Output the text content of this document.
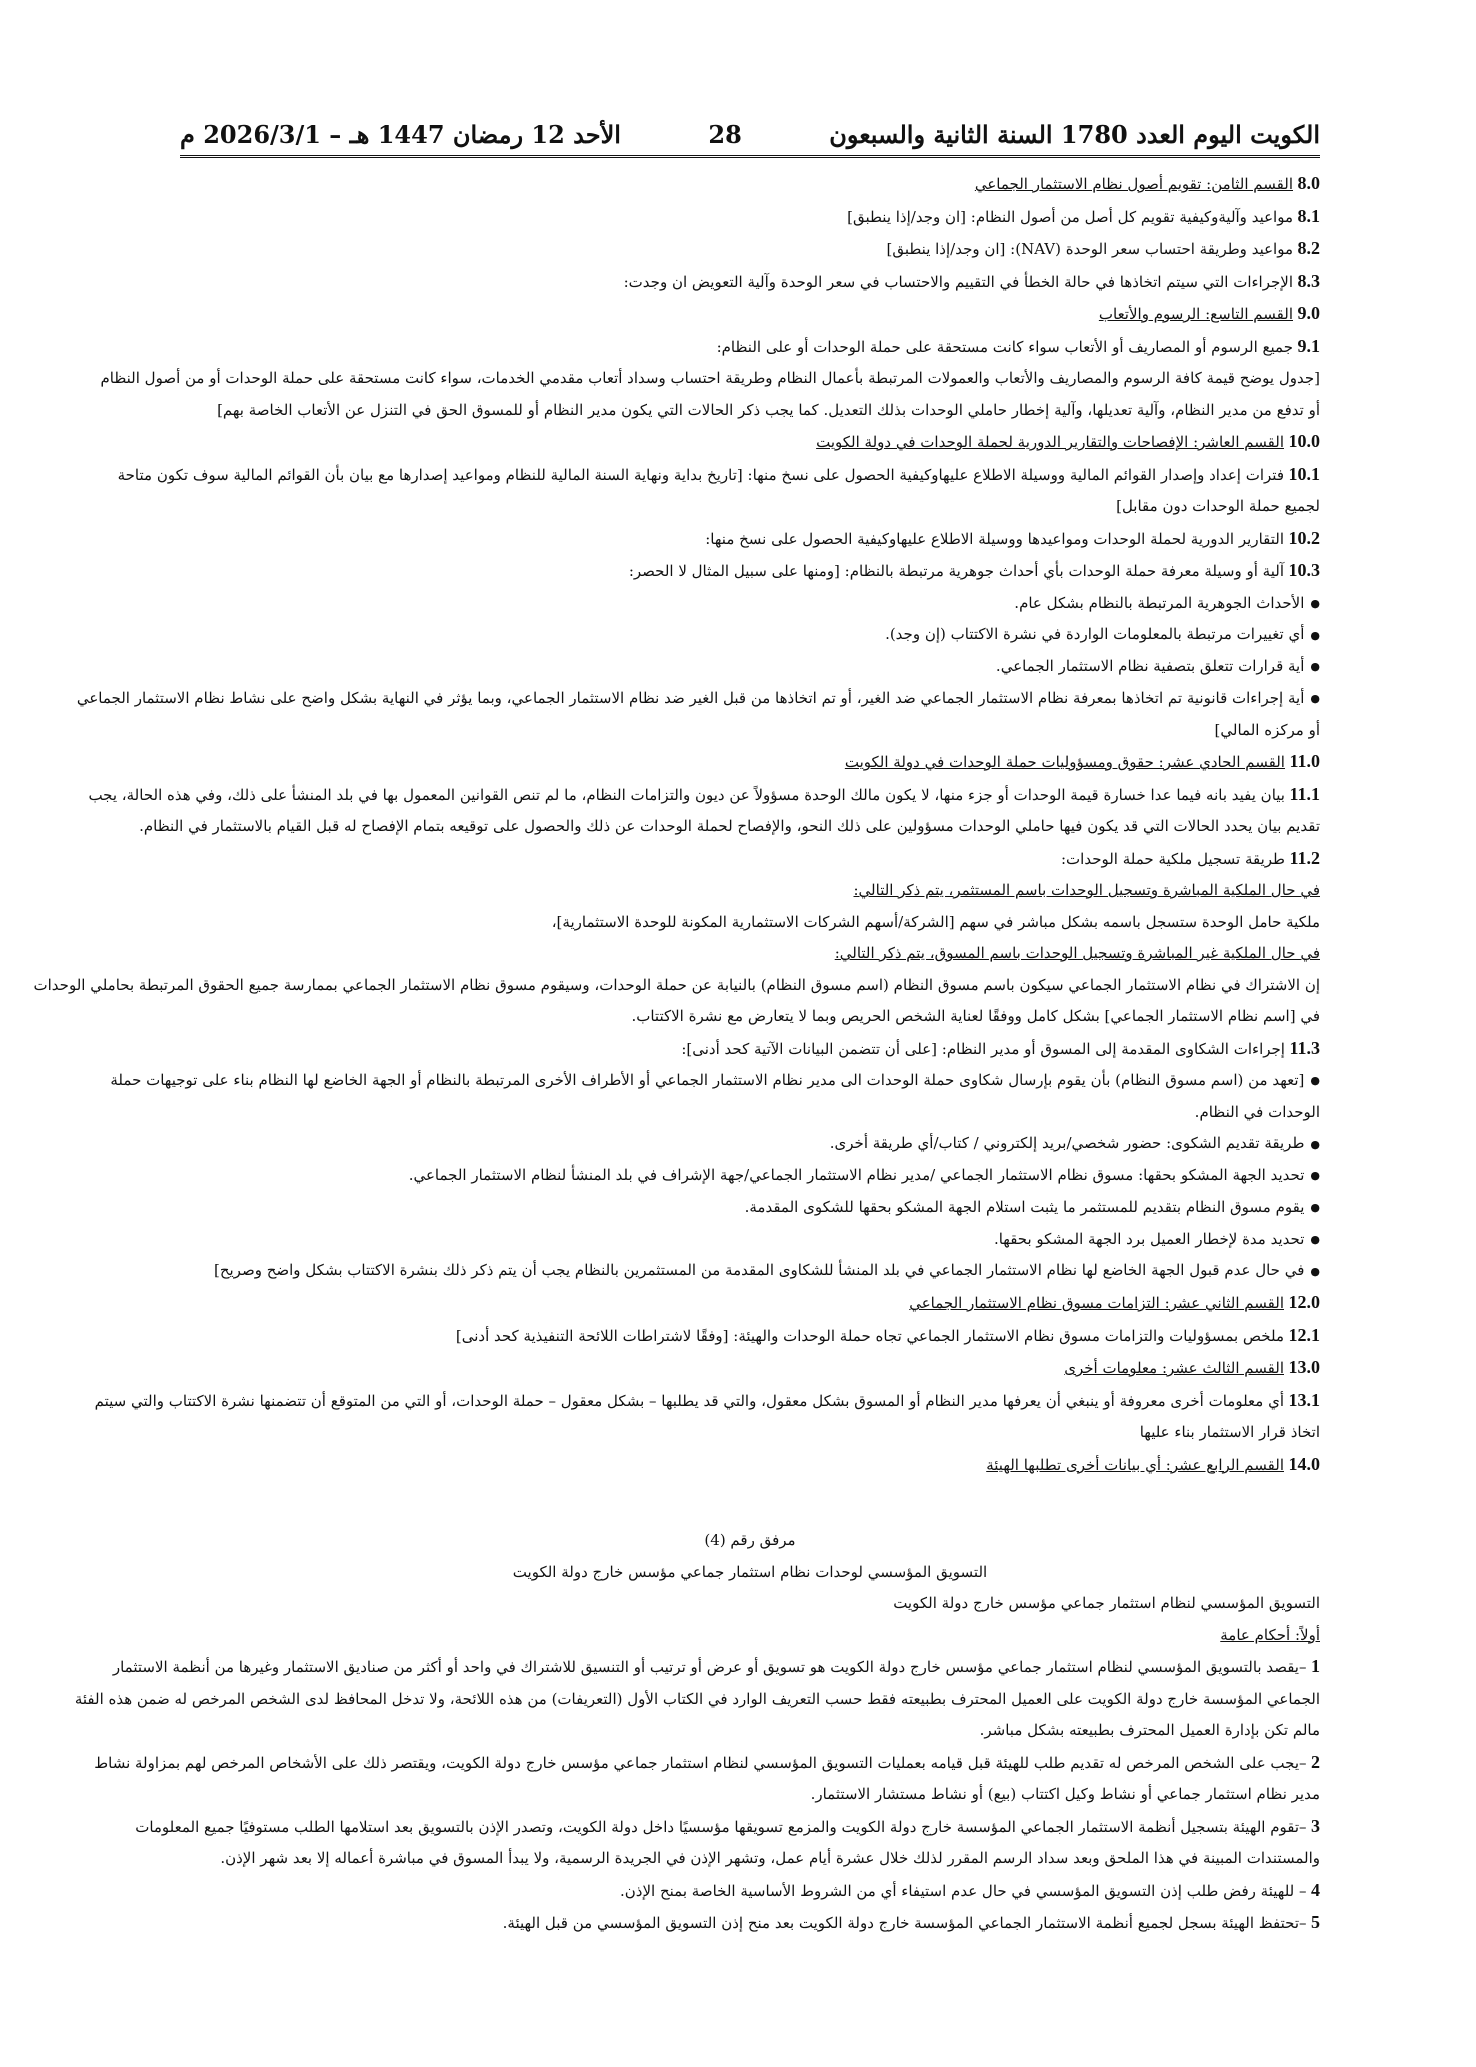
الكويت اليوم العدد 1780 السنة الثانية والسبعون
28
الأحد 12 رمضان 1447 هـ – 2026/3/1 م

8.0 القسم الثامن: تقويم أصول نظام الاستثمار الجماعي

8.1 مواعيد وآليةوكيفية تقويم كل أصل من أصول النظام: [ان وجد/إذا ينطبق]

8.2 مواعيد وطريقة احتساب سعر الوحدة (NAV): [ان وجد/إذا ينطبق]

8.3 الإجراءات التي سيتم اتخاذها في حالة الخطأ في التقييم والاحتساب في سعر الوحدة وآلية التعويض ان وجدت:

9.0 القسم التاسع: الرسوم والأتعاب

9.1 جميع الرسوم أو المصاريف أو الأتعاب سواء كانت مستحقة على حملة الوحدات أو على النظام:

[جدول يوضح قيمة كافة الرسوم والمصاريف والأتعاب والعمولات المرتبطة بأعمال النظام وطريقة احتساب وسداد أتعاب مقدمي الخدمات، سواء كانت مستحقة على حملة الوحدات أو من أصول النظام

أو تدفع من مدير النظام، وآلية تعديلها، وآلية إخطار حاملي الوحدات بذلك التعديل. كما يجب ذكر الحالات التي يكون مدير النظام أو للمسوق الحق في التنزل عن الأتعاب الخاصة بهم]

10.0 القسم العاشر: الإفصاحات والتقارير الدورية لحملة الوحدات في دولة الكويت

10.1 فترات إعداد وإصدار القوائم المالية ووسيلة الاطلاع عليهاوكيفية الحصول على نسخ منها: [تاريخ بداية ونهاية السنة المالية للنظام ومواعيد إصدارها مع بيان بأن القوائم المالية سوف تكون متاحة

لجميع حملة الوحدات دون مقابل]

10.2 التقارير الدورية لحملة الوحدات ومواعيدها ووسيلة الاطلاع عليهاوكيفية الحصول على نسخ منها:

10.3 آلية أو وسيلة معرفة حملة الوحدات بأي أحداث جوهرية مرتبطة بالنظام: [ومنها على سبيل المثال لا الحصر:

● الأحداث الجوهرية المرتبطة بالنظام بشكل عام.

● أي تغييرات مرتبطة بالمعلومات الواردة في نشرة الاكتتاب (إن وجد).

● أية قرارات تتعلق بتصفية نظام الاستثمار الجماعي.

● أية إجراءات قانونية تم اتخاذها بمعرفة نظام الاستثمار الجماعي ضد الغير، أو تم اتخاذها من قبل الغير ضد نظام الاستثمار الجماعي، وبما يؤثر في النهاية بشكل واضح على نشاط نظام الاستثمار الجماعي

أو مركزه المالي]

11.0 القسم الحادي عشر: حقوق ومسؤوليات حملة الوحدات في دولة الكويت

11.1 بيان يفيد بانه فيما عدا خسارة قيمة الوحدات أو جزء منها، لا يكون مالك الوحدة مسؤولاً عن ديون والتزامات النظام، ما لم تنص القوانين المعمول بها في بلد المنشأ على ذلك، وفي هذه الحالة، يجب

تقديم بيان يحدد الحالات التي قد يكون فيها حاملي الوحدات مسؤولين على ذلك النحو، والإفصاح لحملة الوحدات عن ذلك والحصول على توقيعه بتمام الإفصاح له قبل القيام بالاستثمار في النظام.

11.2 طريقة تسجيل ملكية حملة الوحدات:

في حال الملكية المباشرة وتسجيل الوحدات باسم المستثمر، يتم ذكر التالي:

ملكية حامل الوحدة ستسجل باسمه بشكل مباشر في سهم [الشركة/أسهم الشركات الاستثمارية المكونة للوحدة الاستثمارية]،

في حال الملكية غير المباشرة وتسجيل الوحدات باسم المسوق، يتم ذكر التالي:

إن الاشتراك في نظام الاستثمار الجماعي سيكون باسم مسوق النظام (اسم مسوق النظام) بالنيابة عن حملة الوحدات، وسيقوم مسوق نظام الاستثمار الجماعي بممارسة جميع الحقوق المرتبطة بحاملي الوحدات

في [اسم نظام الاستثمار الجماعي] بشكل كامل ووفقًا لعناية الشخص الحريص وبما لا يتعارض مع نشرة الاكتتاب.

11.3 إجراءات الشكاوى المقدمة إلى المسوق أو مدير النظام: [على أن تتضمن البيانات الآتية كحد أدنى]:

● [تعهد من (اسم مسوق النظام) بأن يقوم بإرسال شكاوى حملة الوحدات الى مدير نظام الاستثمار الجماعي أو الأطراف الأخرى المرتبطة بالنظام أو الجهة الخاضع لها النظام بناء على توجيهات حملة

الوحدات في النظام.

● طريقة تقديم الشكوى: حضور شخصي/بريد إلكتروني / كتاب/أي طريقة أخرى.

● تحديد الجهة المشكو بحقها: مسوق نظام الاستثمار الجماعي /مدير نظام الاستثمار الجماعي/جهة الإشراف في بلد المنشأ لنظام الاستثمار الجماعي.

● يقوم مسوق النظام بتقديم للمستثمر ما يثبت استلام الجهة المشكو بحقها للشكوى المقدمة.

● تحديد مدة لإخطار العميل برد الجهة المشكو بحقها.

● في حال عدم قبول الجهة الخاضع لها نظام الاستثمار الجماعي في بلد المنشأ للشكاوى المقدمة من المستثمرين بالنظام يجب أن يتم ذكر ذلك بنشرة الاكتتاب بشكل واضح وصريح]

12.0 القسم الثاني عشر: التزامات مسوق نظام الاستثمار الجماعي

12.1 ملخص بمسؤوليات والتزامات مسوق نظام الاستثمار الجماعي تجاه حملة الوحدات والهيئة: [وفقًا لاشتراطات اللائحة التنفيذية كحد أدنى]

13.0 القسم الثالث عشر: معلومات أخرى

13.1 أي معلومات أخرى معروفة أو ينبغي أن يعرفها مدير النظام أو المسوق بشكل معقول، والتي قد يطلبها – بشكل معقول – حملة الوحدات، أو التي من المتوقع أن تتضمنها نشرة الاكتتاب والتي سيتم

اتخاذ قرار الاستثمار بناء عليها

14.0 القسم الرابع عشر: أي بيانات أخرى تطلبها الهيئة

مرفق رقم (4)

التسويق المؤسسي لوحدات نظام استثمار جماعي مؤسس خارج دولة الكويت

التسويق المؤسسي لنظام استثمار جماعي مؤسس خارج دولة الكويت

أولاً: أحكام عامة

1 –يقصد بالتسويق المؤسسي لنظام استثمار جماعي مؤسس خارج دولة الكويت هو تسويق أو عرض أو ترتيب أو التنسيق للاشتراك في واحد أو أكثر من صناديق الاستثمار وغيرها من أنظمة الاستثمار

الجماعي المؤسسة خارج دولة الكويت على العميل المحترف بطبيعته فقط حسب التعريف الوارد في الكتاب الأول (التعريفات) من هذه اللائحة، ولا تدخل المحافظ لدى الشخص المرخص له ضمن هذه الفئة

مالم تكن بإدارة العميل المحترف بطبيعته بشكل مباشر.

2 –يجب على الشخص المرخص له تقديم طلب للهيئة قبل قيامه بعمليات التسويق المؤسسي لنظام استثمار جماعي مؤسس خارج دولة الكويت، ويقتصر ذلك على الأشخاص المرخص لهم بمزاولة نشاط

مدير نظام استثمار جماعي أو نشاط وكيل اكتتاب (بيع) أو نشاط مستشار الاستثمار.

3 –تقوم الهيئة بتسجيل أنظمة الاستثمار الجماعي المؤسسة خارج دولة الكويت والمزمع تسويقها مؤسسيًا داخل دولة الكويت، وتصدر الإذن بالتسويق بعد استلامها الطلب مستوفيًا جميع المعلومات

والمستندات المبينة في هذا الملحق وبعد سداد الرسم المقرر لذلك خلال عشرة أيام عمل، وتشهر الإذن في الجريدة الرسمية، ولا يبدأ المسوق في مباشرة أعماله إلا بعد شهر الإذن.

4 – للهيئة رفض طلب إذن التسويق المؤسسي في حال عدم استيفاء أي من الشروط الأساسية الخاصة بمنح الإذن.

5 –تحتفظ الهيئة بسجل لجميع أنظمة الاستثمار الجماعي المؤسسة خارج دولة الكويت بعد منح إذن التسويق المؤسسي من قبل الهيئة.
